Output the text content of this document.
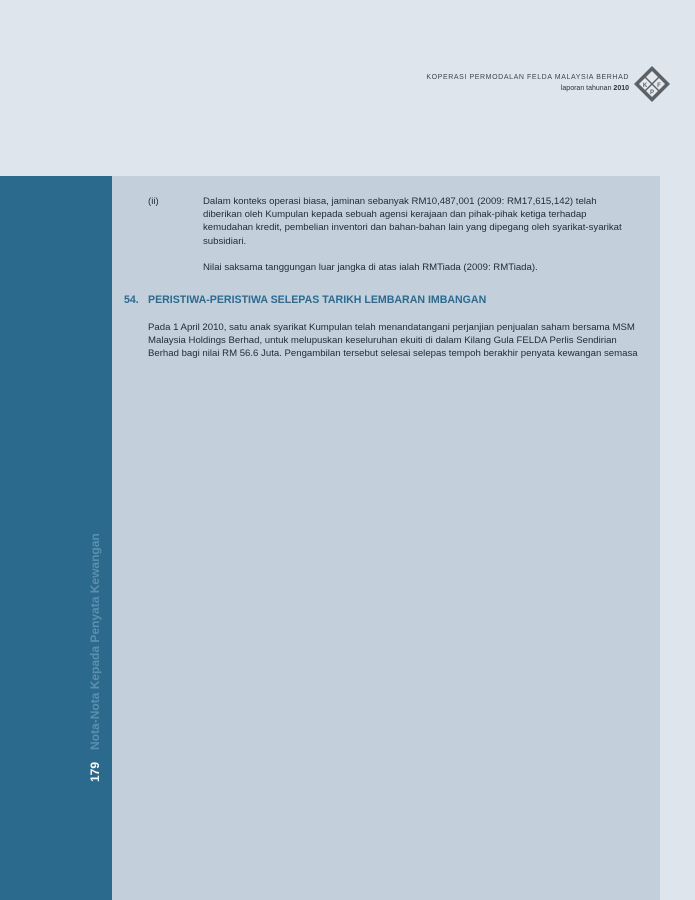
KOPERASI PERMODALAN FELDA MALAYSIA BERHAD
laporan tahunan 2010 K
P
F
179Nota-Nota Kepada Penyata Kewangan
(ii)	Dalam konteks operasi biasa, jaminan sebanyak RM10,487,001 (2009: RM17,615,142) telah diberikan oleh Kumpulan kepada sebuah agensi kerajaan dan pihak-pihak ketiga terhadap kemudahan kredit, pembelian inventori dan bahan-bahan lain yang dipegang oleh syarikat-syarikat subsidiari.

Nilai saksama tanggungan luar jangka di atas ialah RMTiada (2009: RMTiada).

54. PERISTIWA-PERISTIWA SELEPAS TARIKH LEMBARAN IMBANGAN

Pada 1 April 2010, satu anak syarikat Kumpulan telah menandatangani perjanjian penjualan saham bersama MSM Malaysia Holdings Berhad, untuk melupuskan keseluruhan ekuiti di dalam Kilang Gula FELDA Perlis Sendirian Berhad bagi nilai RM 56.6 Juta. Pengambilan tersebut selesai selepas tempoh berakhir penyata kewangan semasa
